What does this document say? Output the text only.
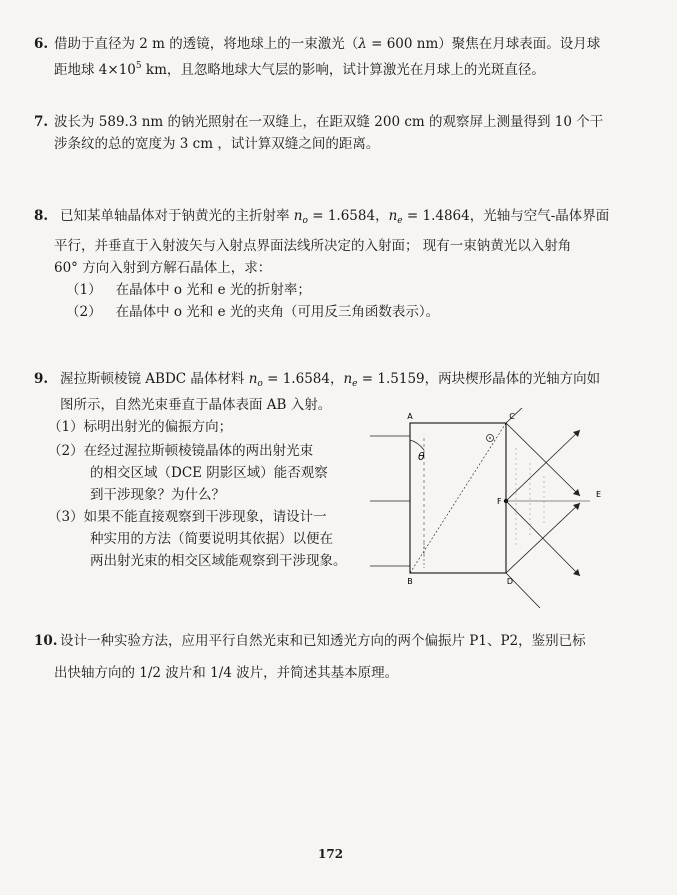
6. 借助于直径为 2 m 的透镜，将地球上的一束激光（λ = 600 nm）聚焦在月球表面。设月球
距地球 $4\times 10^5$ km，且忽略地球大气层的影响，试计算激光在月球上的光斑直径。
7. 波长为 589.3 nm 的钠光照射在一双缝上，在距双缝 200 cm 的观察屏上测量得到 10 个干
涉条纹的总的宽度为 3 cm ，试计算双缝之间的距离。
8. 已知某单轴晶体对于钠黄光的主折射率 $n_o = 1.6584$，$n_e = 1.4864$，光轴与空气-晶体界面
平行，并垂直于入射波矢与入射点界面法线所决定的入射面； 现有一束钠黄光以入射角
60° 方向入射到方解石晶体上，求：
（1） 在晶体中 o 光和 e 光的折射率；
（2） 在晶体中 o 光和 e 光的夹角（可用反三角函数表示）。
9. 渥拉斯顿棱镜 ABDC 晶体材料 $n_o = 1.6584$，$n_e = 1.5159$，两块楔形晶体的光轴方向如
图所示，自然光束垂直于晶体表面 AB 入射。
（1）标明出射光的偏振方向；
（2）在经过渥拉斯顿棱镜晶体的两出射光束
的相交区域（DCE 阴影区域）能否观察
到干涉现象？为什么？
（3）如果不能直接观察到干涉现象，请设计一
种实用的方法（简要说明其依据）以便在
两出射光束的相交区域能观察到干涉现象。
A
B
C
D
E
F
θ
10. 设计一种实验方法，应用平行自然光束和已知透光方向的两个偏振片 P1、P2，鉴别已标
出快轴方向的 1/2 波片和 1/4 波片，并简述其基本原理。
172
